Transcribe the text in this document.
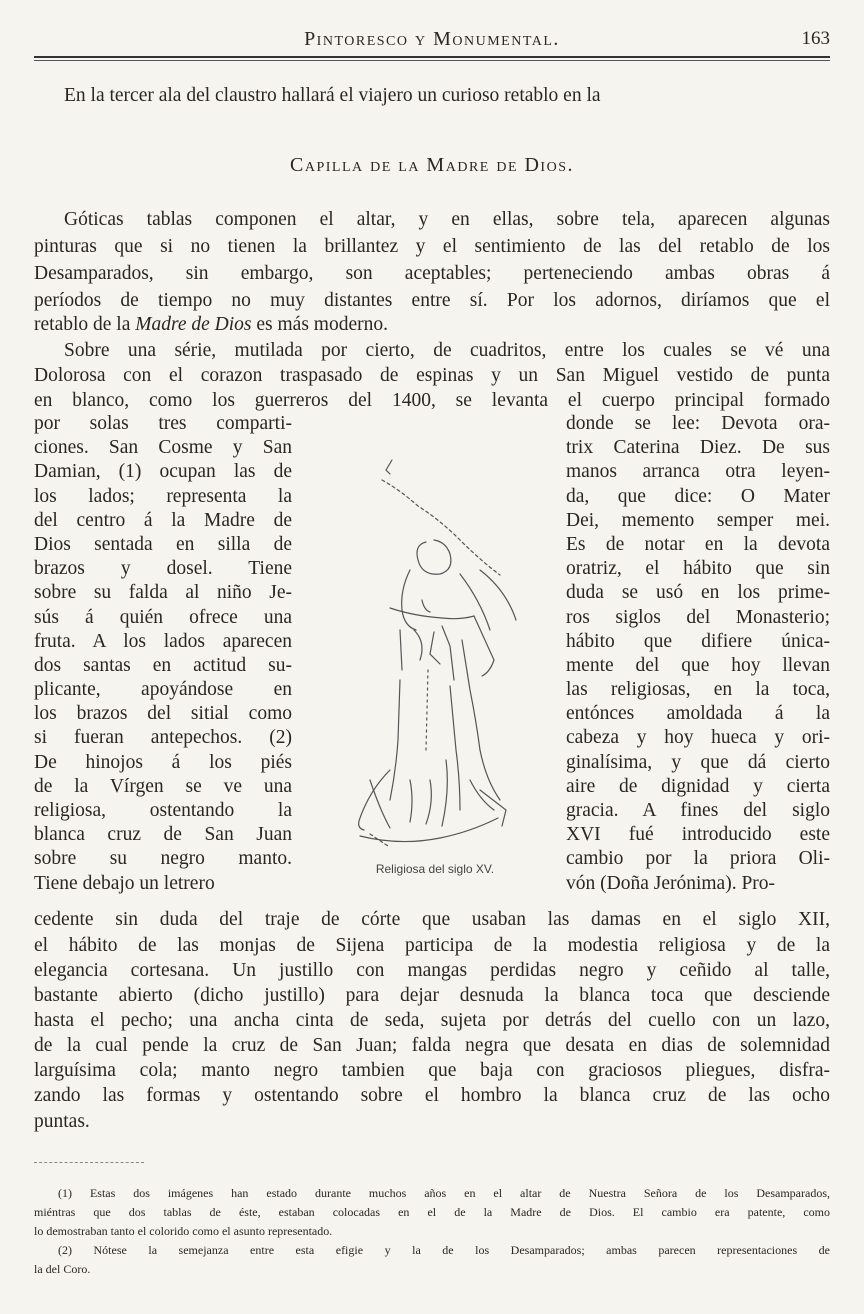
Pintoresco y Monumental.	163
En la tercer ala del claustro hallará el viajero un curioso retablo en la
Capilla de la Madre de Dios.
Góticas tablas componen el altar, y en ellas, sobre tela, aparecen algunas
pinturas que si no tienen la brillantez y el sentimiento de las del retablo de los
Desamparados, sin embargo, son aceptables; perteneciendo ambas obras á
períodos de tiempo no muy distantes entre sí. Por los adornos, diríamos que el
retablo de la Madre de Dios es más moderno.
Sobre una série, mutilada por cierto, de cuadritos, entre los cuales se vé una
Dolorosa con el corazon traspasado de espinas y un San Miguel vestido de punta
en blanco, como los guerreros del 1400, se levanta el cuerpo principal formado
por solas tres comparti-
ciones. San Cosme y San
Damian, (1) ocupan las de
los lados; representa la
del centro á la Madre de
Dios sentada en silla de
brazos y dosel. Tiene
sobre su falda al niño Je-
sús á quién ofrece una
fruta. A los lados aparecen
dos santas en actitud su-
plicante, apoyándose en
los brazos del sitial como
si fueran antepechos. (2)
De hinojos á los piés
de la Vírgen se ve una
religiosa, ostentando la
blanca cruz de San Juan
sobre su negro manto.
Tiene debajo un letrero
donde se lee: Devota ora-
trix Caterina Diez. De sus
manos arranca otra leyen-
da, que dice: O Mater
Dei, memento semper mei.
Es de notar en la devota
oratriz, el hábito que sin
duda se usó en los prime-
ros siglos del Monasterio;
hábito que difiere única-
mente del que hoy llevan
las religiosas, en la toca,
entónces amoldada á la
cabeza y hoy hueca y ori-
ginalísima, y que dá cierto
aire de dignidad y cierta
gracia. A fines del siglo
XVI fué introducido este
cambio por la priora Oli-
vón (Doña Jerónima). Pro-
Religiosa del siglo XV.
cedente sin duda del traje de córte que usaban las damas en el siglo XII,
el hábito de las monjas de Sijena participa de la modestia religiosa y de la
elegancia cortesana. Un justillo con mangas perdidas negro y ceñido al talle,
bastante abierto (dicho justillo) para dejar desnuda la blanca toca que desciende
hasta el pecho; una ancha cinta de seda, sujeta por detrás del cuello con un lazo,
de la cual pende la cruz de San Juan; falda negra que desata en dias de solemnidad
larguísima cola; manto negro tambien que baja con graciosos pliegues, disfra-
zando las formas y ostentando sobre el hombro la blanca cruz de las ocho
puntas.
(1) Estas dos imágenes han estado durante muchos años en el altar de Nuestra Señora de los Desamparados,
miéntras que dos tablas de éste, estaban colocadas en el de la Madre de Dios. El cambio era patente, como
lo demostraban tanto el colorido como el asunto representado.
(2) Nótese la semejanza entre esta efigie y la de los Desamparados; ambas parecen representaciones de
la del Coro.
